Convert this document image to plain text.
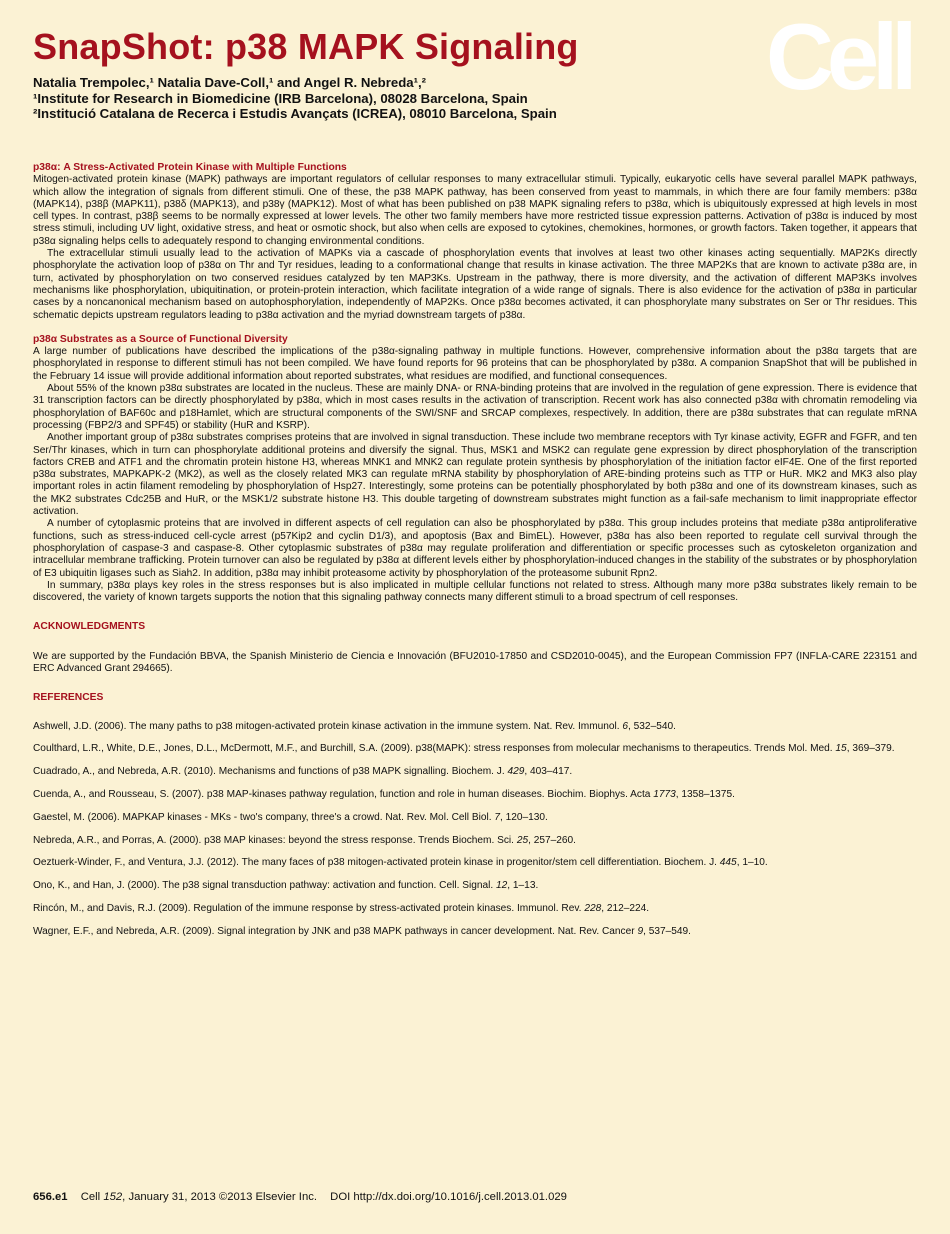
SnapShot: p38 MAPK Signaling Cell
Natalia Trempolec,¹ Natalia Dave-Coll,¹ and Angel R. Nebreda¹,²
¹Institute for Research in Biomedicine (IRB Barcelona), 08028 Barcelona, Spain
²Institució Catalana de Recerca i Estudis Avançats (ICREA), 08010 Barcelona, Spain
p38α: A Stress-Activated Protein Kinase with Multiple Functions

Mitogen-activated protein kinase (MAPK) pathways are important regulators of cellular responses to many extracellular stimuli. Typically, eukaryotic cells have several parallel MAPK pathways, which allow the integration of signals from different stimuli. One of these, the p38 MAPK pathway, has been conserved from yeast to mammals, in which there are four family members: p38α (MAPK14), p38β (MAPK11), p38δ (MAPK13), and p38γ (MAPK12). Most of what has been published on p38 MAPK signaling refers to p38α, which is ubiquitously expressed at high levels in most cell types. In contrast, p38β seems to be normally expressed at lower levels. The other two family members have more restricted tissue expression patterns. Activation of p38α is induced by most stress stimuli, including UV light, oxidative stress, and heat or osmotic shock, but also when cells are exposed to cytokines, chemokines, hormones, or growth factors. Taken together, it appears that p38α signaling helps cells to adequately respond to changing environmental conditions.

The extracellular stimuli usually lead to the activation of MAPKs via a cascade of phosphorylation events that involves at least two other kinases acting sequentially. MAP2Ks directly phosphorylate the activation loop of p38α on Thr and Tyr residues, leading to a conformational change that results in kinase activation. The three MAP2Ks that are known to activate p38α are, in turn, activated by phosphorylation on two conserved residues catalyzed by ten MAP3Ks. Upstream in the pathway, there is more diversity, and the activation of different MAP3Ks involves mechanisms like phosphorylation, ubiquitination, or protein-protein interaction, which facilitate integration of a wide range of signals. There is also evidence for the activation of p38α in particular cases by a noncanonical mechanism based on autophosphorylation, independently of MAP2Ks. Once p38α becomes activated, it can phosphorylate many substrates on Ser or Thr residues. This schematic depicts upstream regulators leading to p38α activation and the myriad downstream targets of p38α.

p38α Substrates as a Source of Functional Diversity

A large number of publications have described the implications of the p38α-signaling pathway in multiple functions. However, comprehensive information about the p38α targets that are phosphorylated in response to different stimuli has not been compiled. We have found reports for 96 proteins that can be phosphorylated by p38α. A companion SnapShot that will be published in the February 14 issue will provide additional information about reported substrates, what residues are modified, and functional consequences.

About 55% of the known p38α substrates are located in the nucleus. These are mainly DNA- or RNA-binding proteins that are involved in the regulation of gene expression. There is evidence that 31 transcription factors can be directly phosphorylated by p38α, which in most cases results in the activation of transcription. Recent work has also connected p38α with chromatin remodeling via phosphorylation of BAF60c and p18Hamlet, which are structural components of the SWI/SNF and SRCAP complexes, respectively. In addition, there are p38α substrates that can regulate mRNA processing (FBP2/3 and SPF45) or stability (HuR and KSRP).

Another important group of p38α substrates comprises proteins that are involved in signal transduction. These include two membrane receptors with Tyr kinase activity, EGFR and FGFR, and ten Ser/Thr kinases, which in turn can phosphorylate additional proteins and diversify the signal. Thus, MSK1 and MSK2 can regulate gene expression by direct phosphorylation of the transcription factors CREB and ATF1 and the chromatin protein histone H3, whereas MNK1 and MNK2 can regulate protein synthesis by phosphorylation of the initiation factor eIF4E. One of the first reported p38α substrates, MAPKAPK-2 (MK2), as well as the closely related MK3 can regulate mRNA stability by phosphorylation of ARE-binding proteins such as TTP or HuR. MK2 and MK3 also play important roles in actin filament remodeling by phosphorylation of Hsp27. Interestingly, some proteins can be potentially phosphorylated by both p38α and one of its downstream kinases, such as the MK2 substrates Cdc25B and HuR, or the MSK1/2 substrate histone H3. This double targeting of downstream substrates might function as a fail-safe mechanism to limit inappropriate effector activation.

A number of cytoplasmic proteins that are involved in different aspects of cell regulation can also be phosphorylated by p38α. This group includes proteins that mediate p38α antiproliferative functions, such as stress-induced cell-cycle arrest (p57Kip2 and cyclin D1/3), and apoptosis (Bax and BimEL). However, p38α has also been reported to regulate cell survival through the phosphorylation of caspase-3 and caspase-8. Other cytoplasmic substrates of p38α may regulate proliferation and differentiation or specific processes such as cytoskeleton organization and intracellular membrane trafficking. Protein turnover can also be regulated by p38α at different levels either by phosphorylation-induced changes in the stability of the substrates or by phosphorylation of E3 ubiquitin ligases such as Siah2. In addition, p38α may inhibit proteasome activity by phosphorylation of the proteasome subunit Rpn2.

In summary, p38α plays key roles in the stress responses but is also implicated in multiple cellular functions not related to stress. Although many more p38α substrates likely remain to be discovered, the variety of known targets supports the notion that this signaling pathway connects many different stimuli to a broad spectrum of cell responses.

ACKNOWLEDGMENTS

We are supported by the Fundación BBVA, the Spanish Ministerio de Ciencia e Innovación (BFU2010-17850 and CSD2010-0045), and the European Commission FP7 (INFLA-CARE 223151 and ERC Advanced Grant 294665).

REFERENCES

Ashwell, J.D. (2006). The many paths to p38 mitogen-activated protein kinase activation in the immune system. Nat. Rev. Immunol. 6, 532–540.

Coulthard, L.R., White, D.E., Jones, D.L., McDermott, M.F., and Burchill, S.A. (2009). p38(MAPK): stress responses from molecular mechanisms to therapeutics. Trends Mol. Med. 15, 369–379.

Cuadrado, A., and Nebreda, A.R. (2010). Mechanisms and functions of p38 MAPK signalling. Biochem. J. 429, 403–417.

Cuenda, A., and Rousseau, S. (2007). p38 MAP-kinases pathway regulation, function and role in human diseases. Biochim. Biophys. Acta 1773, 1358–1375.

Gaestel, M. (2006). MAPKAP kinases - MKs - two's company, three's a crowd. Nat. Rev. Mol. Cell Biol. 7, 120–130.

Nebreda, A.R., and Porras, A. (2000). p38 MAP kinases: beyond the stress response. Trends Biochem. Sci. 25, 257–260.

Oeztuerk-Winder, F., and Ventura, J.J. (2012). The many faces of p38 mitogen-activated protein kinase in progenitor/stem cell differentiation. Biochem. J. 445, 1–10.

Ono, K., and Han, J. (2000). The p38 signal transduction pathway: activation and function. Cell. Signal. 12, 1–13.

Rincón, M., and Davis, R.J. (2009). Regulation of the immune response by stress-activated protein kinases. Immunol. Rev. 228, 212–224.

Wagner, E.F., and Nebreda, A.R. (2009). Signal integration by JNK and p38 MAPK pathways in cancer development. Nat. Rev. Cancer 9, 537–549.

656.e1 Cell 152, January 31, 2013 ©2013 Elsevier Inc. DOI http://dx.doi.org/10.1016/j.cell.2013.01.029
